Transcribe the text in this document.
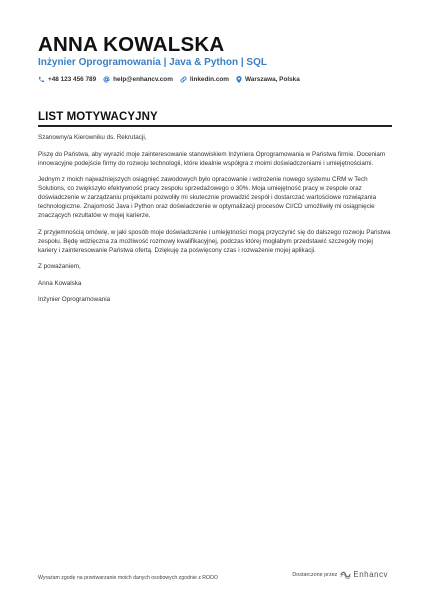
ANNA KOWALSKA
Inżynier Oprogramowania | Java & Python | SQL
+48 123 456 789	help@enhancv.com	linkedin.com	Warszawa, Polska
LIST MOTYWACYJNY

Szanowny/a Kierowniku ds. Rekrutacji,

Piszę do Państwa, aby wyrazić moje zainteresowanie stanowiskiem Inżyniera Oprogramowania w Państwa firmie. Doceniam innowacyjne podejście firmy do rozwoju technologii, które idealnie współgra z moimi doświadczeniami i umiejętnościami.

Jednym z moich najważniejszych osiągnięć zawodowych było opracowanie i wdrożenie nowego systemu CRM w Tech Solutions, co zwiększyło efektywność pracy zespołu sprzedażowego o 30%. Moja umiejętność pracy w zespole oraz doświadczenie w zarządzaniu projektami pozwoliły mi skutecznie prowadzić zespół i dostarczać wartościowe rozwiązania technologiczne. Znajomość Java i Python oraz doświadczenie w optymalizacji procesów CI/CD umożliwiły mi osiągnięcie znaczących rezultatów w mojej karierze.

Z przyjemnością omówię, w jaki sposób moje doświadczenie i umiejętności mogą przyczynić się do dalszego rozwoju Państwa zespołu. Będę wdzięczna za możliwość rozmowy kwalifikacyjnej, podczas której mogłabym przedstawić szczegóły mojej kariery i zainteresowanie Państwa ofertą. Dziękuję za poświęcony czas i rozważenie mojej aplikacji.

Z poważaniem,

Anna Kowalska

Inżynier Oprogramowania

Wyrażam zgodę na przetwarzanie moich danych osobowych zgodnie z RODO
Dostarczone przez Enhancv
